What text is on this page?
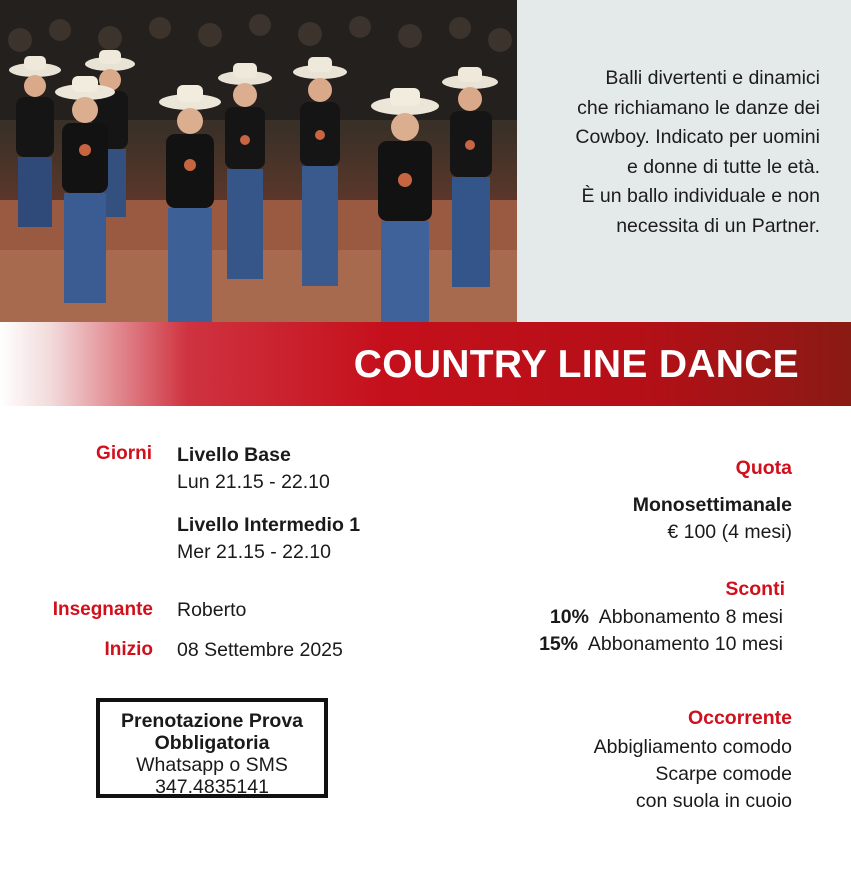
Balli divertenti e dinamici
che richiamano le danze dei
Cowboy. Indicato per uomini
e donne di tutte le età.
È un ballo individuale e non
necessita di un Partner.
COUNTRY LINE DANCE
Giorni Livello Base
Lun 21.15 - 22.10
Livello Intermedio 1
Mer 21.15 - 22.10
Insegnante Roberto
Inizio 08 Settembre 2025
Prenotazione Prova
Obbligatoria
Whatsapp o SMS
347.4835141
Quota
Monosettimanale
€ 100 (4 mesi)
Sconti
10% Abbonamento 8 mesi
15% Abbonamento 10 mesi
Occorrente
Abbigliamento comodo
Scarpe comode
con suola in cuoio
